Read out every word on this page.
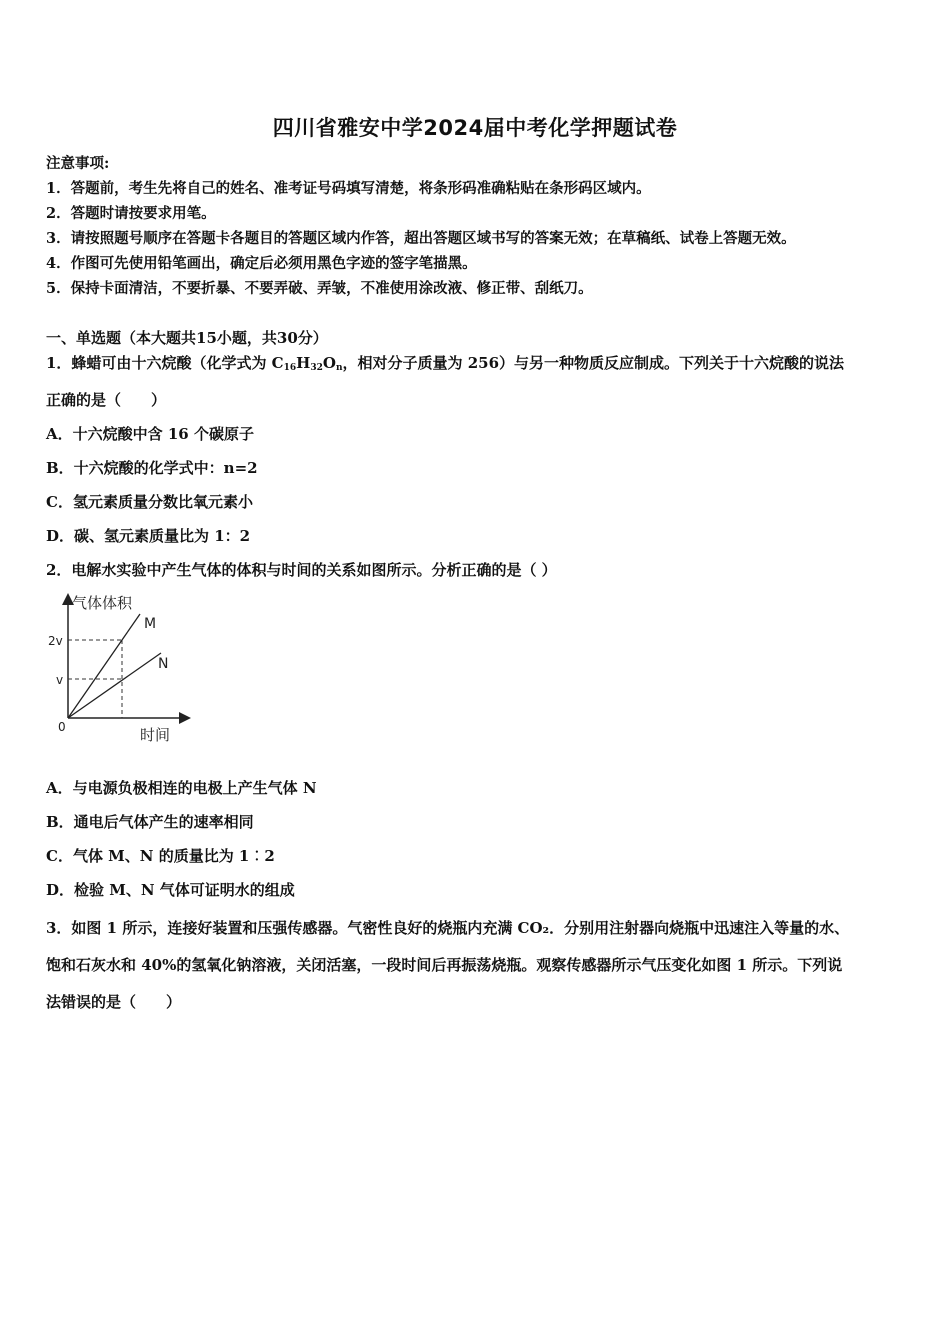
四川省雅安中学2024届中考化学押题试卷
注意事项:
1．答题前，考生先将自己的姓名、准考证号码填写清楚，将条形码准确粘贴在条形码区域内。
2．答题时请按要求用笔。
3．请按照题号顺序在答题卡各题目的答题区域内作答，超出答题区域书写的答案无效；在草稿纸、试卷上答题无效。
4．作图可先使用铅笔画出，确定后必须用黑色字迹的签字笔描黑。
5．保持卡面清洁，不要折暴、不要弄破、弄皱，不准使用涂改液、修正带、刮纸刀。
一、单选题（本大题共15小题，共30分）
1．蜂蜡可由十六烷酸（化学式为 $C_{16}H_{32}O_n$，相对分子质量为 256）与另一种物质反应制成。下列关于十六烷酸的说法
正确的是（　　）
A．十六烷酸中含 16 个碳原子
B．十六烷酸的化学式中：n=2
C．氢元素质量分数比氧元素小
D．碳、氢元素质量比为 1：2
2．电解水实验中产生气体的体积与时间的关系如图所示。分析正确的是（ ）
气体体积
时间
0
2v
v
M
N
A．与电源负极相连的电极上产生气体 N
B．通电后气体产生的速率相同
C．气体 M、N 的质量比为 1︰2
D．检验 M、N 气体可证明水的组成
3．如图 1 所示，连接好装置和压强传感器。气密性良好的烧瓶内充满 CO₂．分别用注射器向烧瓶中迅速注入等量的水、
饱和石灰水和 40%的氢氧化钠溶液，关闭活塞，一段时间后再振荡烧瓶。观察传感器所示气压变化如图 1 所示。下列说
法错误的是（　　）
